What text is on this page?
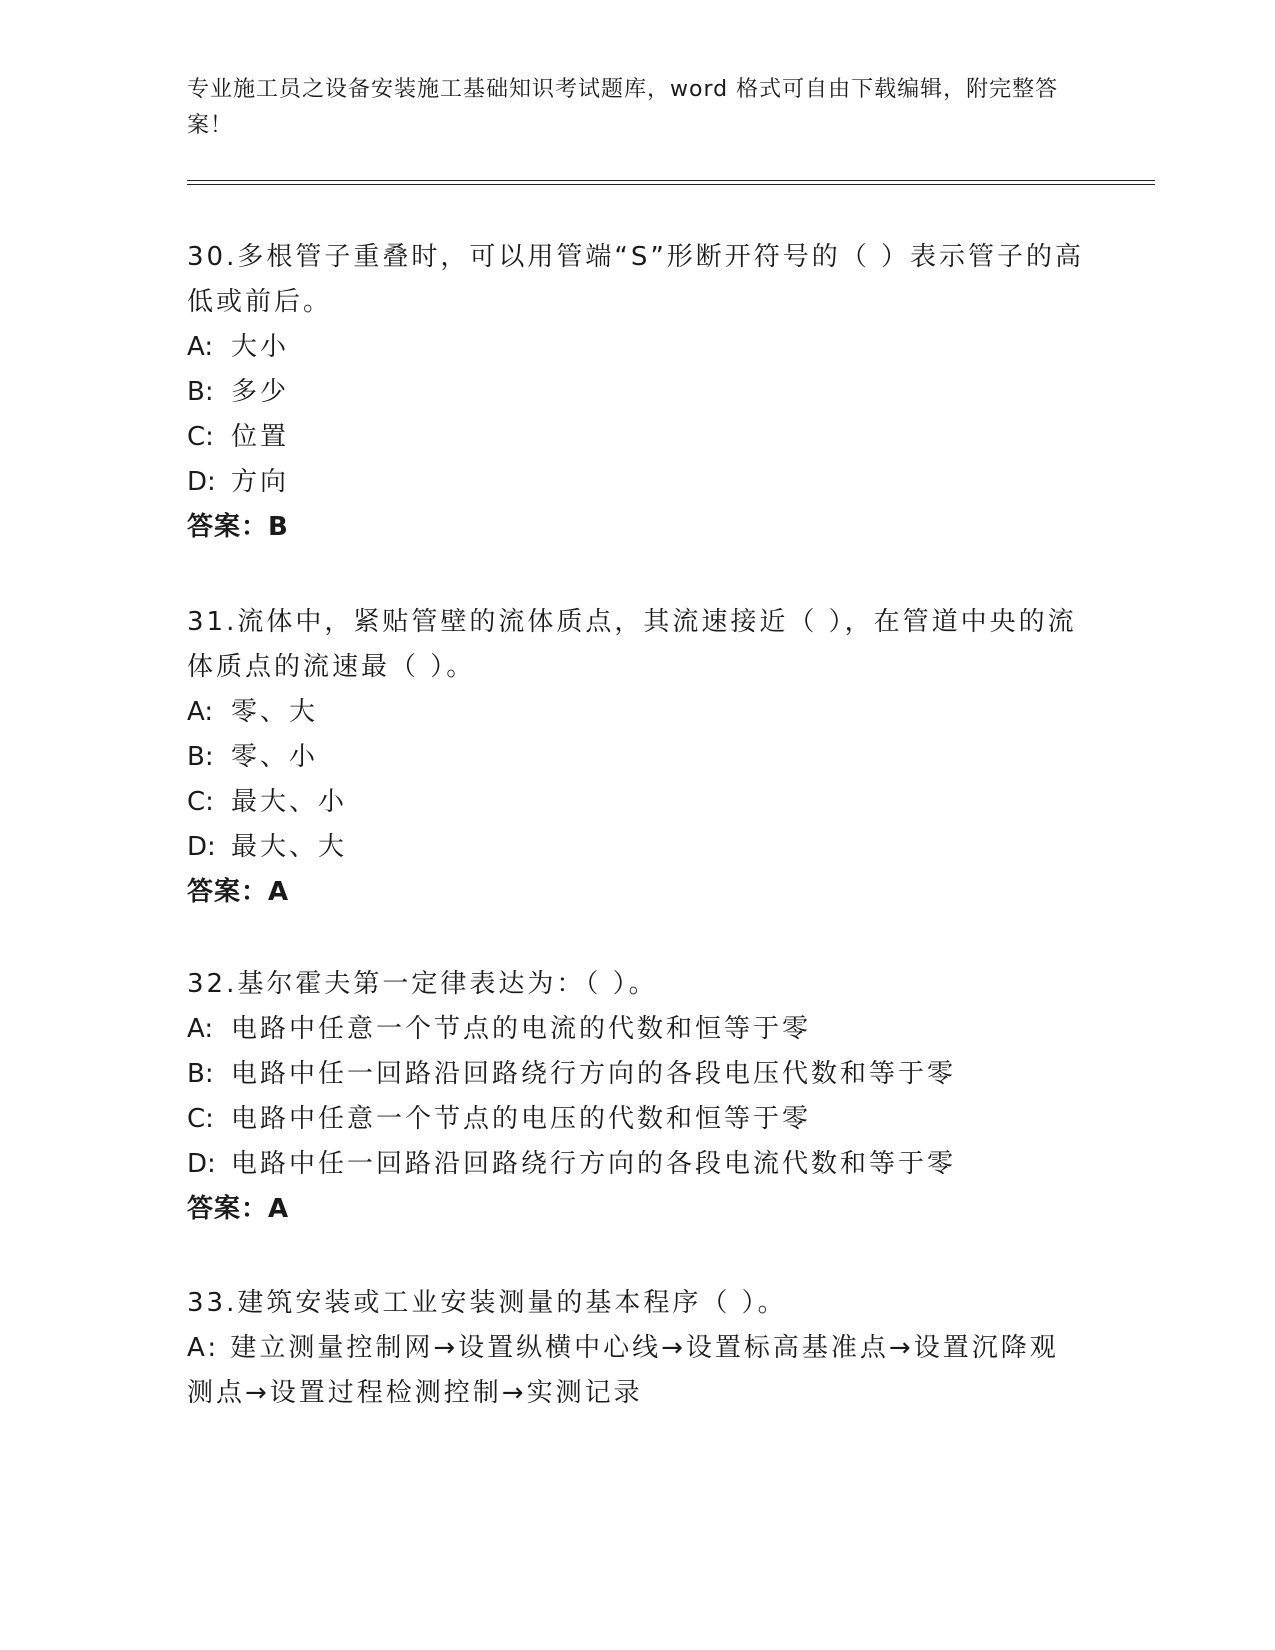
专业施工员之设备安装施工基础知识考试题库，word 格式可自由下载编辑，附完整答案！
30.多根管子重叠时，可以用管端“S”形断开符号的（ ）表示管子的高低或前后。
A: 大小
B: 多少
C: 位置
D: 方向
答案：B
31.流体中，紧贴管壁的流体质点，其流速接近（ ），在管道中央的流体质点的流速最（ ）。
A: 零、大
B: 零、小
C: 最大、小
D: 最大、大
答案：A
32.基尔霍夫第一定律表达为：（ ）。
A: 电路中任意一个节点的电流的代数和恒等于零
B: 电路中任一回路沿回路绕行方向的各段电压代数和等于零
C: 电路中任意一个节点的电压的代数和恒等于零
D: 电路中任一回路沿回路绕行方向的各段电流代数和等于零
答案：A
33.建筑安装或工业安装测量的基本程序（ ）。
A: 建立测量控制网→设置纵横中心线→设置标高基准点→设置沉降观测点→设置过程检测控制→实测记录
